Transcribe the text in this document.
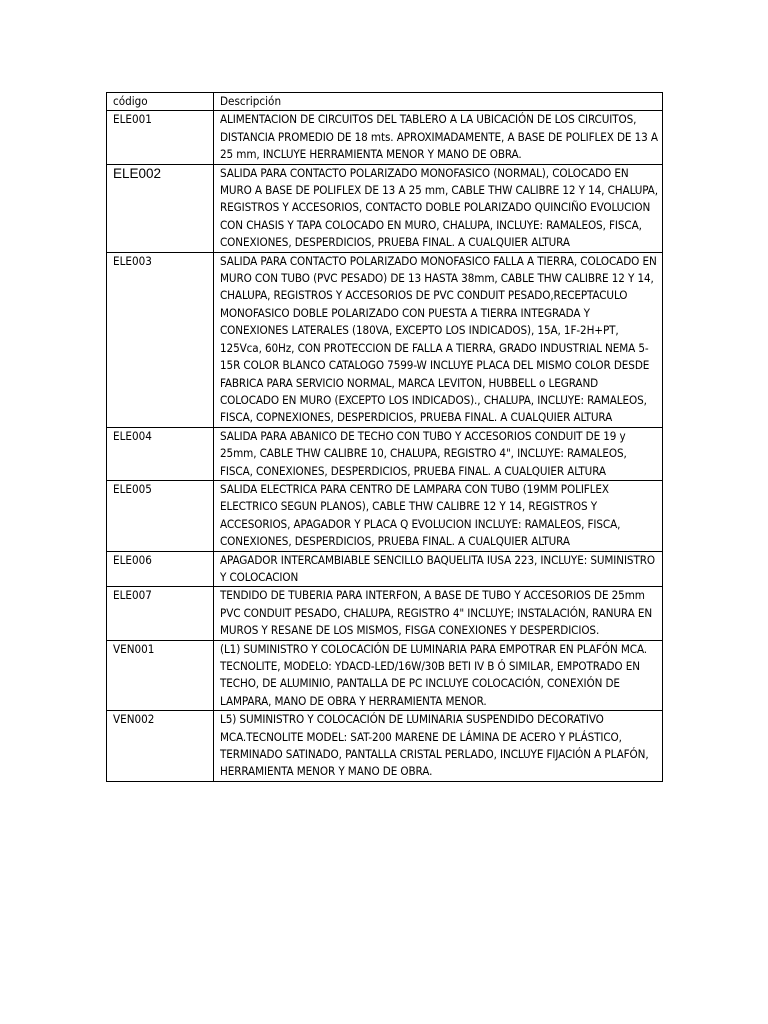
código	Descripción
ELE001	ALIMENTACION DE CIRCUITOS DEL TABLERO A LA UBICACIÓN DE LOS CIRCUITOS, DISTANCIA PROMEDIO DE 18 mts. APROXIMADAMENTE, A BASE DE POLIFLEX DE 13 A 25 mm, INCLUYE HERRAMIENTA MENOR Y MANO DE OBRA.
ELE002	SALIDA PARA CONTACTO POLARIZADO MONOFASICO (NORMAL), COLOCADO EN MURO A BASE DE POLIFLEX DE 13 A 25 mm, CABLE THW CALIBRE 12 Y 14, CHALUPA, REGISTROS Y ACCESORIOS, CONTACTO DOBLE POLARIZADO QUINCIÑO EVOLUCION CON CHASIS Y TAPA COLOCADO EN MURO, CHALUPA, INCLUYE: RAMALEOS, FISCA, CONEXIONES, DESPERDICIOS, PRUEBA FINAL. A CUALQUIER ALTURA
ELE003	SALIDA PARA CONTACTO POLARIZADO MONOFASICO FALLA A TIERRA, COLOCADO EN MURO CON TUBO (PVC PESADO) DE 13 HASTA 38mm, CABLE THW CALIBRE 12 Y 14, CHALUPA, REGISTROS Y ACCESORIOS DE PVC CONDUIT PESADO,RECEPTACULO MONOFASICO DOBLE POLARIZADO CON PUESTA A TIERRA INTEGRADA Y CONEXIONES LATERALES (180VA, EXCEPTO LOS INDICADOS), 15A, 1F-2H+PT, 125Vca, 60Hz, CON PROTECCION DE FALLA A TIERRA, GRADO INDUSTRIAL NEMA 5-15R COLOR BLANCO CATALOGO 7599-W INCLUYE PLACA DEL MISMO COLOR DESDE FABRICA PARA SERVICIO NORMAL, MARCA LEVITON, HUBBELL o LEGRAND COLOCADO EN MURO (EXCEPTO LOS INDICADOS)., CHALUPA, INCLUYE: RAMALEOS, FISCA, COPNEXIONES, DESPERDICIOS, PRUEBA FINAL. A CUALQUIER ALTURA
ELE004	SALIDA PARA ABANICO DE TECHO CON TUBO Y ACCESORIOS CONDUIT DE 19 y 25mm, CABLE THW CALIBRE 10, CHALUPA, REGISTRO 4", INCLUYE: RAMALEOS, FISCA, CONEXIONES, DESPERDICIOS, PRUEBA FINAL. A CUALQUIER ALTURA
ELE005	SALIDA ELECTRICA PARA CENTRO DE LAMPARA CON TUBO (19MM POLIFLEX ELECTRICO SEGUN PLANOS), CABLE THW CALIBRE 12 Y 14, REGISTROS Y ACCESORIOS, APAGADOR Y PLACA Q EVOLUCION INCLUYE: RAMALEOS, FISCA, CONEXIONES, DESPERDICIOS, PRUEBA FINAL. A CUALQUIER ALTURA
ELE006	APAGADOR INTERCAMBIABLE SENCILLO BAQUELITA IUSA 223, INCLUYE: SUMINISTRO Y COLOCACION
ELE007	TENDIDO DE TUBERIA PARA INTERFON, A BASE DE TUBO Y ACCESORIOS DE 25mm PVC CONDUIT PESADO, CHALUPA, REGISTRO 4" INCLUYE; INSTALACIÓN, RANURA EN MUROS Y RESANE DE LOS MISMOS, FISGA CONEXIONES Y DESPERDICIOS.
VEN001	(L1) SUMINISTRO Y COLOCACIÓN DE LUMINARIA PARA EMPOTRAR EN PLAFÓN MCA. TECNOLITE, MODELO: YDACD-LED/16W/30B BETI IV B Ó SIMILAR, EMPOTRADO EN TECHO, DE ALUMINIO, PANTALLA DE PC INCLUYE COLOCACIÓN, CONEXIÓN DE LAMPARA, MANO DE OBRA Y HERRAMIENTA MENOR.
VEN002	L5) SUMINISTRO Y COLOCACIÓN DE LUMINARIA SUSPENDIDO DECORATIVO MCA.TECNOLITE MODEL: SAT-200 MARENE DE LÁMINA DE ACERO Y PLÁSTICO, TERMINADO SATINADO, PANTALLA CRISTAL PERLADO, INCLUYE FIJACIÓN A PLAFÓN, HERRAMIENTA MENOR Y MANO DE OBRA.
